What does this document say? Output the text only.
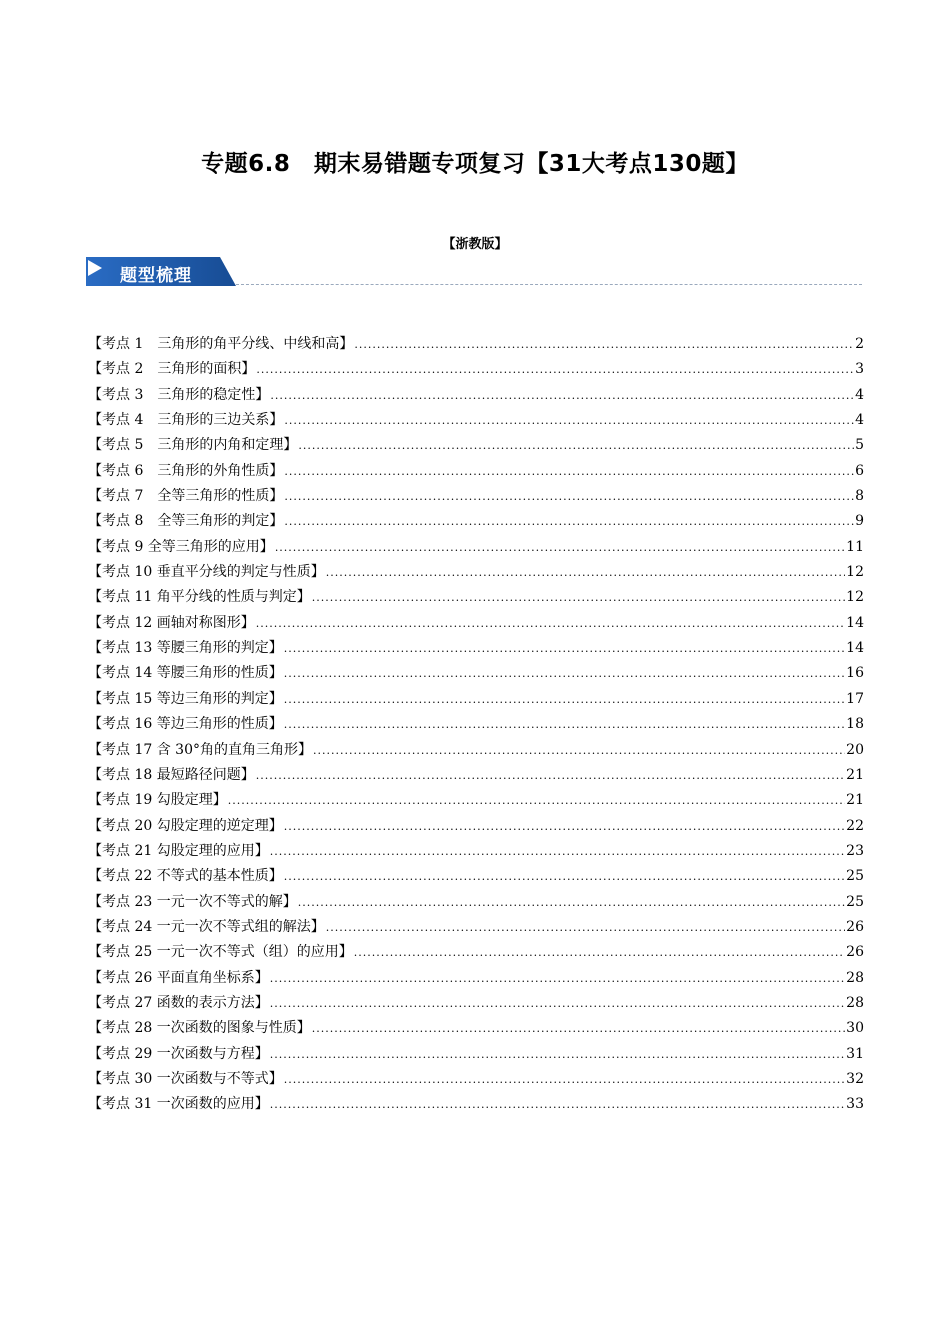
专题6.8　期末易错题专项复习【31大考点130题】
【浙教版】
题型梳理
【考点 1　三角形的角平分线、中线和高】 .....	2
【考点 2　三角形的面积】 .....	3
【考点 3　三角形的稳定性】 .....	4
【考点 4　三角形的三边关系】 .....	4
【考点 5　三角形的内角和定理】 .....	5
【考点 6　三角形的外角性质】 .....	6
【考点 7　全等三角形的性质】 .....	8
【考点 8　全等三角形的判定】 .....	9
【考点 9 全等三角形的应用】 .....	11
【考点 10 垂直平分线的判定与性质】 .....	12
【考点 11 角平分线的性质与判定】 .....	12
【考点 12 画轴对称图形】 .....	14
【考点 13 等腰三角形的判定】 .....	14
【考点 14 等腰三角形的性质】 .....	16
【考点 15 等边三角形的判定】 .....	17
【考点 16 等边三角形的性质】 .....	18
【考点 17 含 30°角的直角三角形】 .....	20
【考点 18 最短路径问题】 .....	21
【考点 19 勾股定理】 .....	21
【考点 20 勾股定理的逆定理】 .....	22
【考点 21 勾股定理的应用】 .....	23
【考点 22 不等式的基本性质】 .....	25
【考点 23 一元一次不等式的解】 .....	25
【考点 24 一元一次不等式组的解法】 .....	26
【考点 25 一元一次不等式（组）的应用】 .....	26
【考点 26 平面直角坐标系】 .....	28
【考点 27 函数的表示方法】 .....	28
【考点 28 一次函数的图象与性质】 .....	30
【考点 29 一次函数与方程】 .....	31
【考点 30 一次函数与不等式】 .....	32
【考点 31 一次函数的应用】 .....	33
